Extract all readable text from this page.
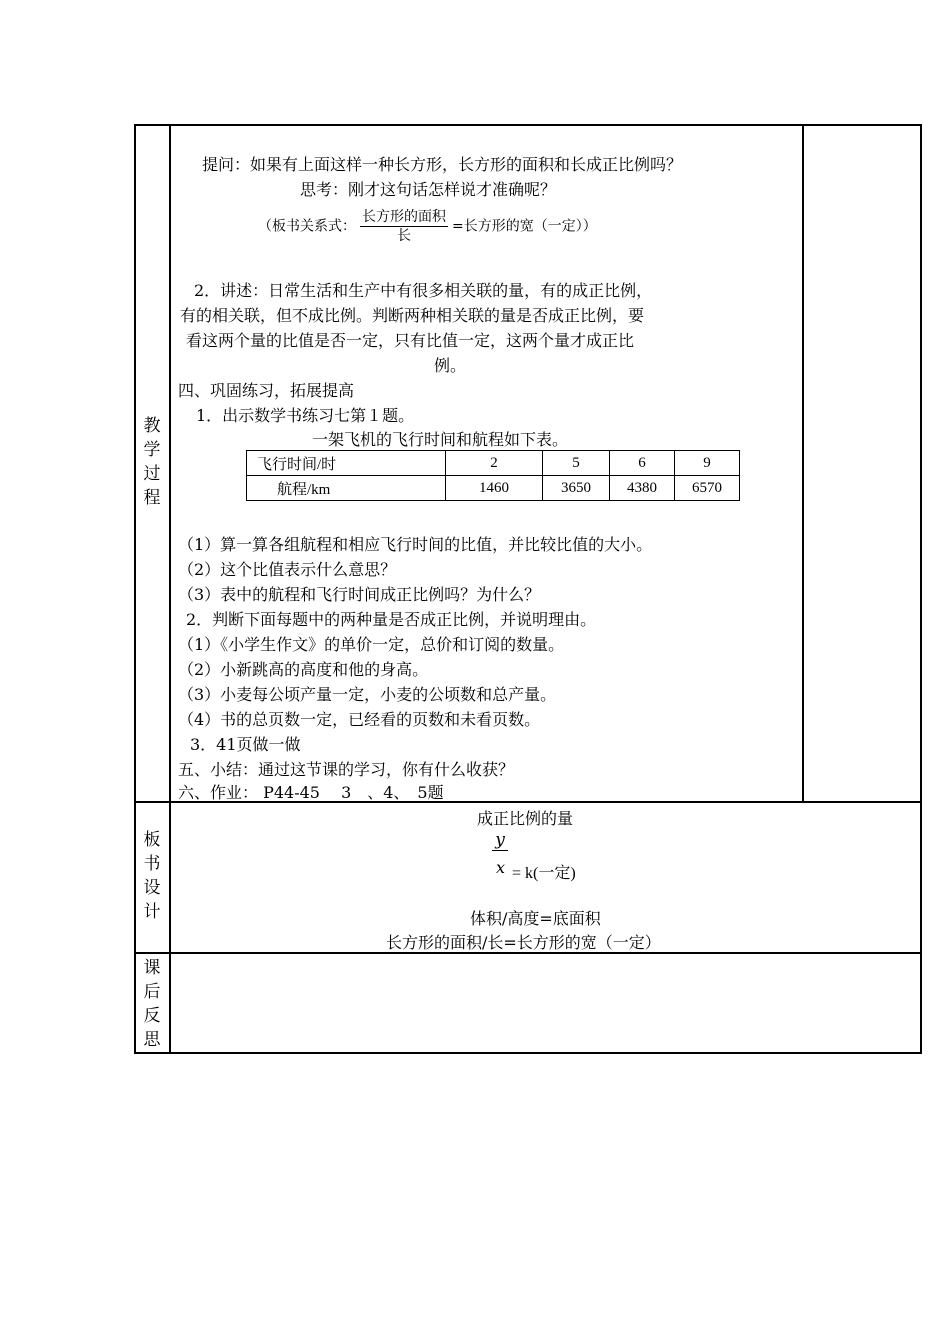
教
学
过
程
板
书
设
计
课
后
反
思
提问：如果有上面这样一种长方形，长方形的面积和长成正比例吗？
思考：刚才这句话怎样说才准确呢？
（板书关系式： $\frac{\text{长方形的面积}}{\text{长}}$ =长方形的宽（一定））
2．讲述：日常生活和生产中有很多相关联的量，有的成正比例，
有的相关联，但不成比例。判断两种相关联的量是否成正比例，要
看这两个量的比值是否一定，只有比值一定，这两个量才成正比
例。
四、巩固练习，拓展提高
1．出示数学书练习七第１题。
一架飞机的飞行时间和航程如下表。
飞行时间/时	2	5	6	9
航程/km	1460	3650	4380	6570
（1）算一算各组航程和相应飞行时间的比值，并比较比值的大小。
（2）这个比值表示什么意思？
（3）表中的航程和飞行时间成正比例吗？为什么？
2．判断下面每题中的两种量是否成正比例，并说明理由。
（1）《小学生作文》的单价一定，总价和订阅的数量。
（2）小新跳高的高度和他的身高。
（3）小麦每公顷产量一定，小麦的公顷数和总产量。
（4）书的总页数一定，已经看的页数和未看页数。
3．41页做一做
五、小结：通过这节课的学习，你有什么收获？
六、作业： P44-45　 3　、4、　5题
成正比例的量
y
x = k(一定)
体积/高度=底面积
长方形的面积/长=长方形的宽（一定）
